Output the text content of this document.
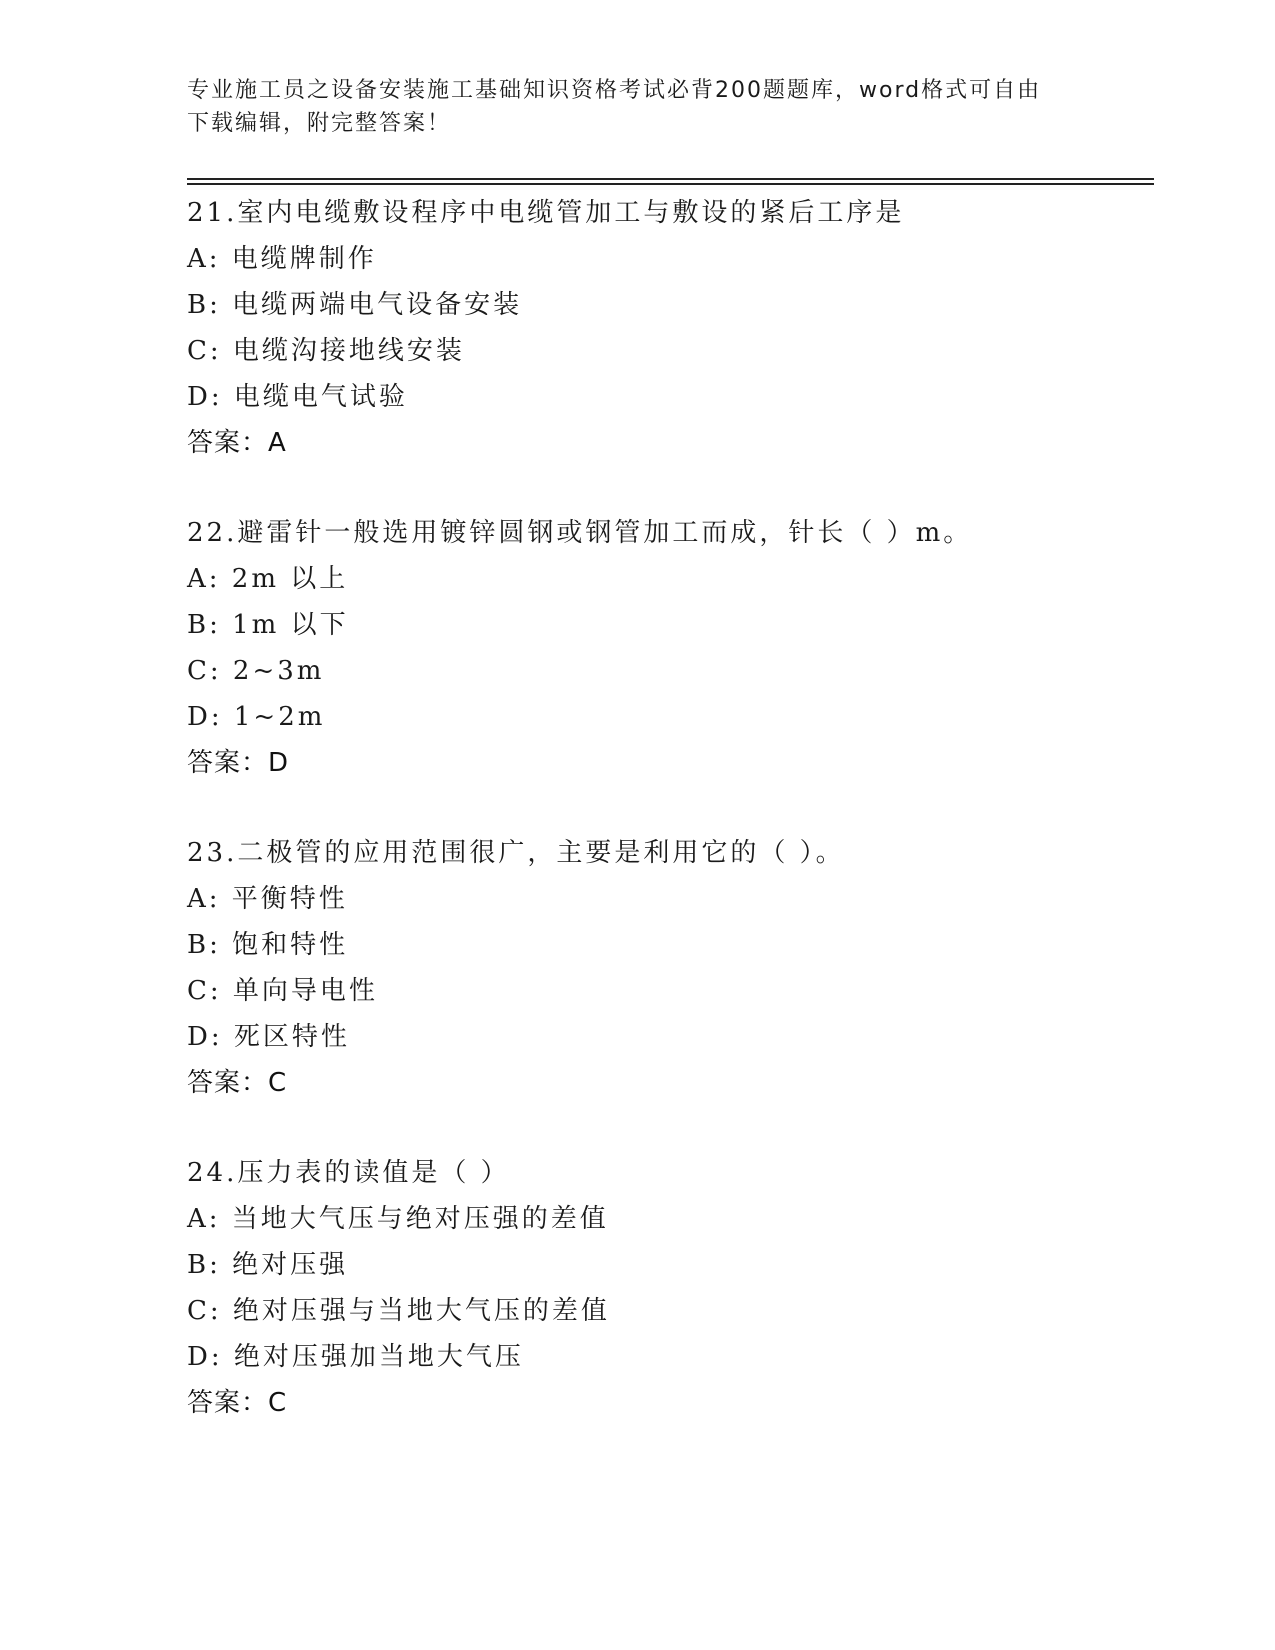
专业施工员之设备安装施工基础知识资格考试必背200题题库，word格式可自由
下载编辑，附完整答案！
21.室内电缆敷设程序中电缆管加工与敷设的紧后工序是
A: 电缆牌制作
B: 电缆两端电气设备安装
C: 电缆沟接地线安装
D: 电缆电气试验
答案：A
22.避雷针一般选用镀锌圆钢或钢管加工而成，针长（ ）m。
A: 2m 以上
B: 1m 以下
C: 2~3m
D: 1~2m
答案：D
23.二极管的应用范围很广，主要是利用它的（ ）。
A: 平衡特性
B: 饱和特性
C: 单向导电性
D: 死区特性
答案：C
24.压力表的读值是（ ）
A: 当地大气压与绝对压强的差值
B: 绝对压强
C: 绝对压强与当地大气压的差值
D: 绝对压强加当地大气压
答案：C
